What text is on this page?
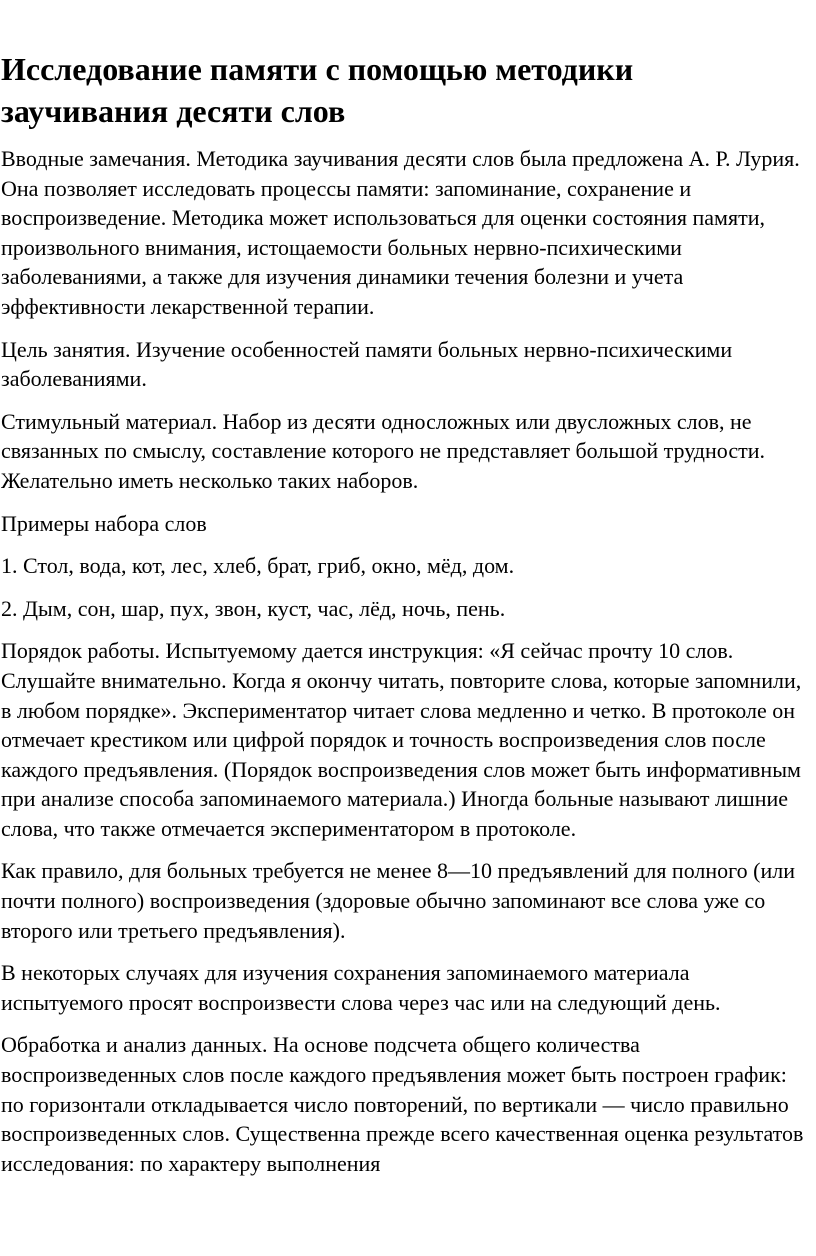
Исследование памяти с помощью методики заучивания десяти слов

Вводные замечания. Методика заучивания десяти слов была предложена А. Р. Лурия. Она позволяет исследовать процессы памяти: запоминание, сохранение и воспроизведение. Методика может использоваться для оценки состояния памяти, произвольного внимания, истощаемости больных нервно-психическими заболеваниями, а также для изучения динамики течения болезни и учета эффективности лекарственной терапии.

Цель занятия. Изучение особенностей памяти больных нервно-психическими заболеваниями.

Стимульный материал. Набор из десяти односложных или двусложных слов, не связанных по смыслу, составление которого не представляет большой трудности. Желательно иметь несколько таких наборов.

Примеры набора слов

1. Стол, вода, кот, лес, хлеб, брат, гриб, окно, мёд, дом.

2. Дым, сон, шар, пух, звон, куст, час, лёд, ночь, пень.

Порядок работы. Испытуемому дается инструкция: «Я сейчас прочту 10 слов. Слушайте внимательно. Когда я окончу читать, повторите слова, которые запомнили, в любом порядке». Экспериментатор читает слова медленно и четко. В протоколе он отмечает крестиком или цифрой порядок и точность воспроизведения слов после каждого предъявления. (Порядок воспроизведения слов может быть информативным при анализе способа запоминаемого материала.) Иногда больные называют лишние слова, что также отмечается экспериментатором в протоколе.

Как правило, для больных требуется не менее 8—10 предъявлений для полного (или почти полного) воспроизведения (здоровые обычно запоминают все слова уже со второго или третьего предъявления).

В некоторых случаях для изучения сохранения запоминаемого материала испытуемого просят воспроизвести слова через час или на следующий день.

Обработка и анализ данных. На основе подсчета общего количества воспроизведенных слов после каждого предъявления может быть построен график: по горизонтали откладывается число повторений, по вертикали — число правильно воспроизведенных слов. Существенна прежде всего качественная оценка результатов исследования: по характеру выполнения
